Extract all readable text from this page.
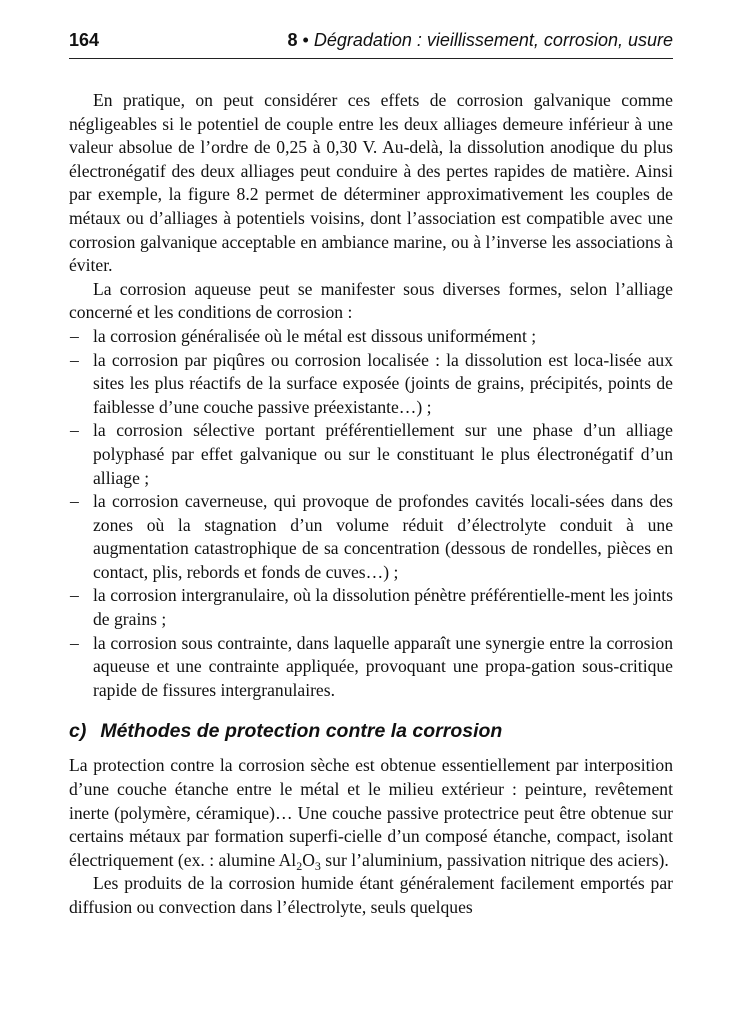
164	8 • Dégradation : vieillissement, corrosion, usure

En pratique, on peut considérer ces effets de corrosion galvanique comme négligeables si le potentiel de couple entre les deux alliages demeure inférieur à une valeur absolue de l’ordre de 0,25 à 0,30 V. Au-delà, la dissolution anodique du plus électronégatif des deux alliages peut conduire à des pertes rapides de matière. Ainsi par exemple, la figure 8.2 permet de déterminer approximativement les couples de métaux ou d’alliages à potentiels voisins, dont l’association est compatible avec une corrosion galvanique acceptable en ambiance marine, ou à l’inverse les associations à éviter.

La corrosion aqueuse peut se manifester sous diverses formes, selon l’alliage concerné et les conditions de corrosion :

– la corrosion généralisée où le métal est dissous uniformément ;
– la corrosion par piqûres ou corrosion localisée : la dissolution est loca-lisée aux sites les plus réactifs de la surface exposée (joints de grains, précipités, points de faiblesse d’une couche passive préexistante…) ;
– la corrosion sélective portant préférentiellement sur une phase d’un alliage polyphasé par effet galvanique ou sur le constituant le plus électronégatif d’un alliage ;
– la corrosion caverneuse, qui provoque de profondes cavités locali-sées dans des zones où la stagnation d’un volume réduit d’électrolyte conduit à une augmentation catastrophique de sa concentration (dessous de rondelles, pièces en contact, plis, rebords et fonds de cuves…) ;
– la corrosion intergranulaire, où la dissolution pénètre préférentielle-ment les joints de grains ;
– la corrosion sous contrainte, dans laquelle apparaît une synergie entre la corrosion aqueuse et une contrainte appliquée, provoquant une propa-gation sous-critique rapide de fissures intergranulaires.
c) Méthodes de protection contre la corrosion

La protection contre la corrosion sèche est obtenue essentiellement par interposition d’une couche étanche entre le métal et le milieu extérieur : peinture, revêtement inerte (polymère, céramique)… Une couche passive protectrice peut être obtenue sur certains métaux par formation superfi-cielle d’un composé étanche, compact, isolant électriquement (ex. : alumine $Al_2O_3$ sur l’aluminium, passivation nitrique des aciers).

Les produits de la corrosion humide étant généralement facilement emportés par diffusion ou convection dans l’électrolyte, seuls quelques
